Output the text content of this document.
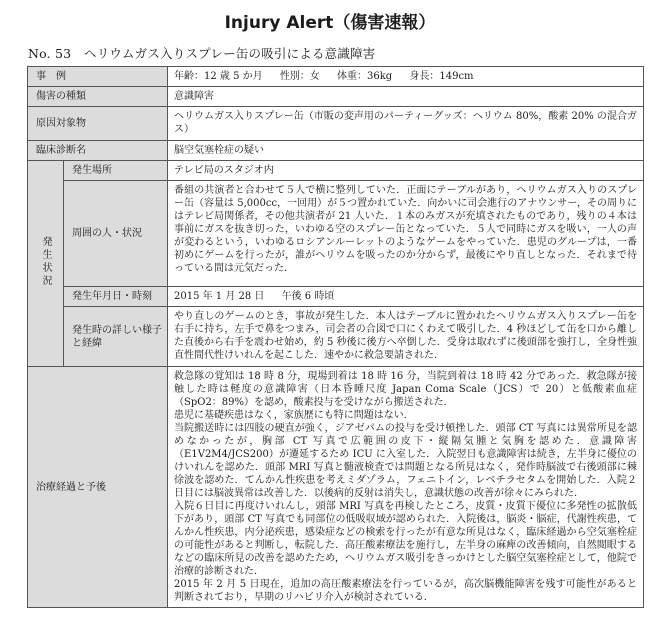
Injury Alert（傷害速報）
No. 53　ヘリウムガス入りスプレー缶の吸引による意識障害
事　例		年齢：12 歳 5 か月 性別：女 体重：36kg 身長：149cm
傷害の種類		意識障害
原因対象物		ヘリウムガス入りスプレー缶（市販の変声用のパーティーグッズ：ヘリウム 80%，酸素 20% の混合ガス）
臨床診断名		脳空気塞栓症の疑い
発生状況	発生場所	テレビ局のスタジオ内
	周囲の人・状況	番組の共演者と合わせて５人で横に整列していた．正面にテーブルがあり，ヘリウムガス入りのスプレー缶（容量は 5,000cc，一回用）が５つ置かれていた．向かいに司会進行のアナウンサー，その周りにはテレビ局関係者，その他共演者が 21 人いた．１本のみガスが充填されたものであり，残りの４本は事前にガスを抜き切った，いわゆる空のスプレー缶となっていた．５人で同時にガスを吸い，一人の声が変わるという，いわゆるロシアンルーレットのようなゲームをやっていた．患児のグループは，一番初めにゲームを行ったが，誰がヘリウムを吸ったのか分からず，最後にやり直しとなった．それまで待っている間は元気だった．
	発生年月日・時刻	2015 年 1 月 28 日 午後 6 時頃
	発生時の詳しい様子と経緯	やり直しのゲームのとき，事故が発生した．本人はテーブルに置かれたヘリウムガス入りスプレー缶を右手に持ち，左手で鼻をつまみ，司会者の合図で口にくわえて吸引した．4 秒ほどして缶を口から離した直後から右手を震わせ始め，約 5 秒後に後方へ卒倒した．受身は取れずに後頭部を強打し，全身性強直性間代性けいれんを起こした．速やかに救急要請された．
治療経過と予後		救急隊の覚知は 18 時 8 分，現場到着は 18 時 16 分，当院到着は 18 時 42 分であった．救急隊が接触した時は軽度の意識障害（日本昏睡尺度 Japan Coma Scale（JCS）で 20）と低酸素血症（SpO2：89%）を認め，酸素投与を受けながら搬送された．

患児に基礎疾患はなく，家族歴にも特に問題はない．

当院搬送時には四肢の硬直が強く，ジアゼパムの投与を受け頓挫した．頭部 CT 写真には異常所見を認めなかったが，胸部 CT 写真で広範囲の皮下・縦隔気腫と気胸を認めた．意識障害（E1V2M4/JCS200）が遷延するため ICU に入室した．入院翌日も意識障害は続き，左半身に優位のけいれんを認めた．頭部 MRI 写真と髄液検査では問題となる所見はなく，発作時脳波で右後頭部に棘徐波を認めた．てんかん性疾患を考えミダゾラム，フェニトイン，レベチラセタムを開始した．入院２日目には脳波異常は改善した．以後病的反射は消失し，意識状態の改善が徐々にみられた．

入院６日目に再度けいれんし，頭部 MRI 写真を再検したところ，皮質・皮質下優位に多発性の拡散低下があり，頭部 CT 写真でも同部位の低吸収域が認められた．入院後は，脳炎・脳症，代謝性疾患，てんかん性疾患，内分泌疾患，感染症などの検索を行ったが有意な所見はなく，臨床経過から空気塞栓症の可能性があると判断し，転院した．高圧酸素療法を施行し，左半身の麻痺の改善傾向，自然閲眼するなどの臨床所見の改善を認めたため，ヘリウムガス吸引をきっかけとした脳空気塞栓症として，他院で治療的診断された．

2015 年 2 月 5 日現在，追加の高圧酸素療法を行っているが，高次脳機能障害を残す可能性があると判断されており，早期のリハビリ介入が検討されている．
